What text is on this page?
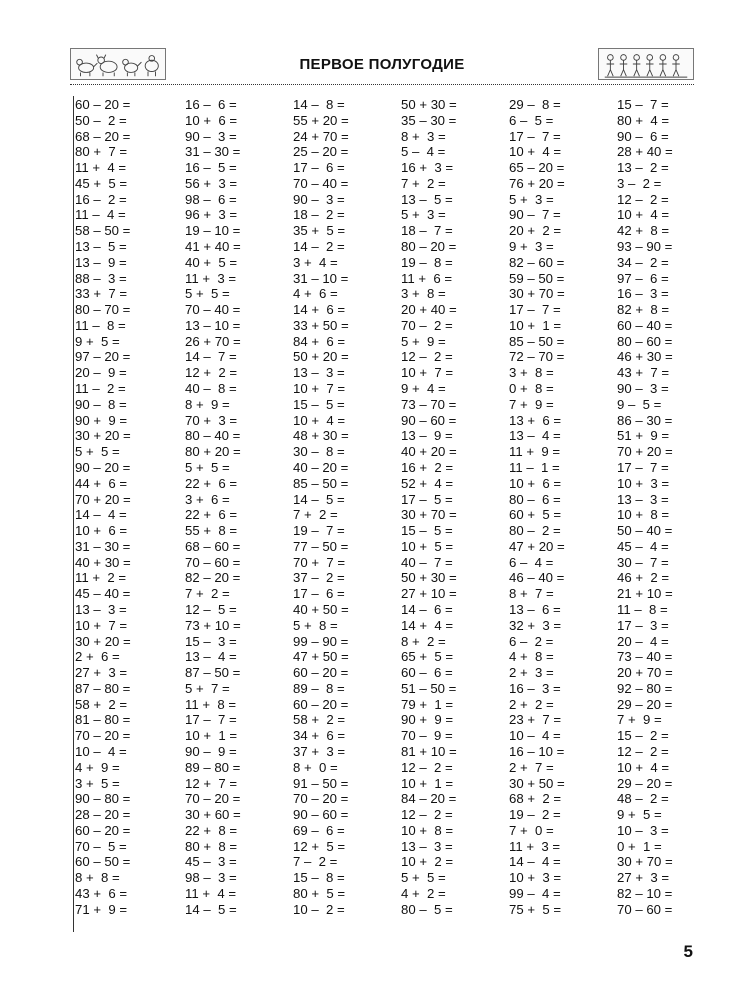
ПЕРВОЕ ПОЛУГОДИЕ
60 – 20 =	16 –  6 =	14 –  8 =	50 + 30 =	29 –  8 =	15 –  7 =
50 –  2 =	10 +  6 =	55 + 20 =	35 – 30 =	6 –  5 =	80 +  4 =
68 – 20 =	90 –  3 =	24 + 70 =	8 +  3 =	17 –  7 =	90 –  6 =
80 +  7 =	31 – 30 =	25 – 20 =	5 –  4 =	10 +  4 =	28 + 40 =
11 +  4 =	16 –  5 =	17 –  6 =	16 +  3 =	65 – 20 =	13 –  2 =
45 +  5 =	56 +  3 =	70 – 40 =	7 +  2 =	76 + 20 =	3 –  2 =
16 –  2 =	98 –  6 =	90 –  3 =	13 –  5 =	5 +  3 =	12 –  2 =
11 –  4 =	96 +  3 =	18 –  2 =	5 +  3 =	90 –  7 =	10 +  4 =
58 – 50 =	19 – 10 =	35 +  5 =	18 –  7 =	20 +  2 =	42 +  8 =
13 –  5 =	41 + 40 =	14 –  2 =	80 – 20 =	9 +  3 =	93 – 90 =
13 –  9 =	40 +  5 =	3 +  4 =	19 –  8 =	82 – 60 =	34 –  2 =
88 –  3 =	11 +  3 =	31 – 10 =	11 +  6 =	59 – 50 =	97 –  6 =
33 +  7 =	5 +  5 =	4 +  6 =	3 +  8 =	30 + 70 =	16 –  3 =
80 – 70 =	70 – 40 =	14 +  6 =	20 + 40 =	17 –  7 =	82 +  8 =
11 –  8 =	13 – 10 =	33 + 50 =	70 –  2 =	10 +  1 =	60 – 40 =
9 +  5 =	26 + 70 =	84 +  6 =	5 +  9 =	85 – 50 =	80 – 60 =
97 – 20 =	14 –  7 =	50 + 20 =	12 –  2 =	72 – 70 =	46 + 30 =
20 –  9 =	12 +  2 =	13 –  3 =	10 +  7 =	3 +  8 =	43 +  7 =
11 –  2 =	40 –  8 =	10 +  7 =	9 +  4 =	0 +  8 =	90 –  3 =
90 –  8 =	8 +  9 =	15 –  5 =	73 – 70 =	7 +  9 =	9 –  5 =
90 +  9 =	70 +  3 =	10 +  4 =	90 – 60 =	13 +  6 =	86 – 30 =
30 + 20 =	80 – 40 =	48 + 30 =	13 –  9 =	13 –  4 =	51 +  9 =
5 +  5 =	80 + 20 =	30 –  8 =	40 + 20 =	11 +  9 =	70 + 20 =
90 – 20 =	5 +  5 =	40 – 20 =	16 +  2 =	11 –  1 =	17 –  7 =
44 +  6 =	22 +  6 =	85 – 50 =	52 +  4 =	10 +  6 =	10 +  3 =
70 + 20 =	3 +  6 =	14 –  5 =	17 –  5 =	80 –  6 =	13 –  3 =
14 –  4 =	22 +  6 =	7 +  2 =	30 + 70 =	60 +  5 =	10 +  8 =
10 +  6 =	55 +  8 =	19 –  7 =	15 –  5 =	80 –  2 =	50 – 40 =
31 – 30 =	68 – 60 =	77 – 50 =	10 +  5 =	47 + 20 =	45 –  4 =
40 + 30 =	70 – 60 =	70 +  7 =	40 –  7 =	6 –  4 =	30 –  7 =
11 +  2 =	82 – 20 =	37 –  2 =	50 + 30 =	46 – 40 =	46 +  2 =
45 – 40 =	7 +  2 =	17 –  6 =	27 + 10 =	8 +  7 =	21 + 10 =
13 –  3 =	12 –  5 =	40 + 50 =	14 –  6 =	13 –  6 =	11 –  8 =
10 +  7 =	73 + 10 =	5 +  8 =	14 +  4 =	32 +  3 =	17 –  3 =
30 + 20 =	15 –  3 =	99 – 90 =	8 +  2 =	6 –  2 =	20 –  4 =
2 +  6 =	13 –  4 =	47 + 50 =	65 +  5 =	4 +  8 =	73 – 40 =
27 +  3 =	87 – 50 =	60 – 20 =	60 –  6 =	2 +  3 =	20 + 70 =
87 – 80 =	5 +  7 =	89 –  8 =	51 – 50 =	16 –  3 =	92 – 80 =
58 +  2 =	11 +  8 =	60 – 20 =	79 +  1 =	2 +  2 =	29 – 20 =
81 – 80 =	17 –  7 =	58 +  2 =	90 +  9 =	23 +  7 =	7 +  9 =
70 – 20 =	10 +  1 =	34 +  6 =	70 –  9 =	10 –  4 =	15 –  2 =
10 –  4 =	90 –  9 =	37 +  3 =	81 + 10 =	16 – 10 =	12 –  2 =
4 +  9 =	89 – 80 =	8 +  0 =	12 –  2 =	2 +  7 =	10 +  4 =
3 +  5 =	12 +  7 =	91 – 50 =	10 +  1 =	30 + 50 =	29 – 20 =
90 – 80 =	70 – 20 =	70 – 20 =	84 – 20 =	68 +  2 =	48 –  2 =
28 – 20 =	30 + 60 =	90 – 60 =	12 –  2 =	19 –  2 =	9 +  5 =
60 – 20 =	22 +  8 =	69 –  6 =	10 +  8 =	7 +  0 =	10 –  3 =
70 –  5 =	80 +  8 =	12 +  5 =	13 –  3 =	11 +  3 =	0 +  1 =
60 – 50 =	45 –  3 =	7 –  2 =	10 +  2 =	14 –  4 =	30 + 70 =
8 +  8 =	98 –  3 =	15 –  8 =	5 +  5 =	10 +  3 =	27 +  3 =
43 +  6 =	11 +  4 =	80 +  5 =	4 +  2 =	99 –  4 =	82 – 10 =
71 +  9 =	14 –  5 =	10 –  2 =	80 –  5 =	75 +  5 =	70 – 60 =
5
